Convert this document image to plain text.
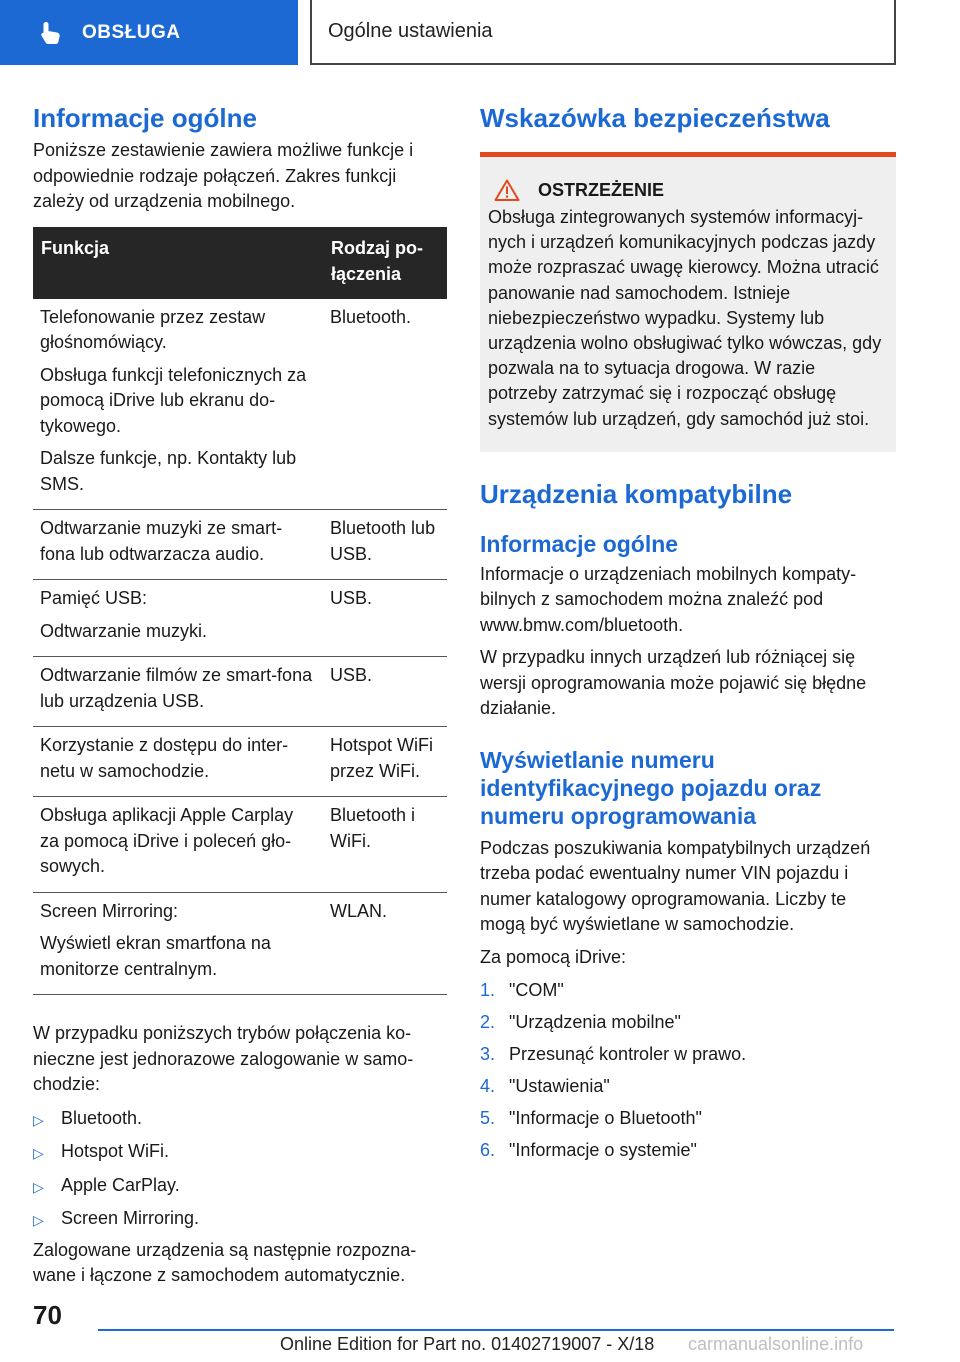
OBSŁUGA	Ogólne ustawienia
Informacje ogólne

Poniższe zestawienie zawiera możliwe funkcje i odpowiednie rodzaje połączeń. Zakres funkcji zależy od urządzenia mobilnego.

Funkcja	Rodzaj po-łączenia

Telefonowanie przez zestaw głośnomówiący.

Obsługa funkcji telefonicznych za pomocą iDrive lub ekranu do-tykowego.

Dalsze funkcje, np. Kontakty lub SMS.	Bluetooth.

Odtwarzanie muzyki ze smart-fona lub odtwarzacza audio.	Bluetooth lub USB.

Pamięć USB:

Odtwarzanie muzyki.	USB.

Odtwarzanie filmów ze smart-fona lub urządzenia USB.	USB.

Korzystanie z dostępu do inter-netu w samochodzie.	Hotspot WiFi przez WiFi.

Obsługa aplikacji Apple Carplay za pomocą iDrive i poleceń gło-sowych.	Bluetooth i WiFi.

Screen Mirroring:

Wyświetl ekran smartfona na monitorze centralnym.	WLAN.

W przypadku poniższych trybów połączenia ko-nieczne jest jednorazowe zalogowanie w samo-chodzie:

▷ Bluetooth.
▷ Hotspot WiFi.
▷ Apple CarPlay.
▷ Screen Mirroring.

Zalogowane urządzenia są następnie rozpozna-wane i łączone z samochodem automatycznie.

Wskazówka bezpieczeństwa
OSTRZEŻENIE

Obsługa zintegrowanych systemów informacyj-nych i urządzeń komunikacyjnych podczas jazdy może rozpraszać uwagę kierowcy. Można utracić panowanie nad samochodem. Istnieje niebezpieczeństwo wypadku. Systemy lub urządzenia wolno obsługiwać tylko wówczas, gdy pozwala na to sytuacja drogowa. W razie potrzeby zatrzymać się i rozpocząć obsługę systemów lub urządzeń, gdy samochód już stoi.

Urządzenia kompatybilne
Informacje ogólne

Informacje o urządzeniach mobilnych kompaty-bilnych z samochodem można znaleźć pod www.bmw.com/bluetooth.

W przypadku innych urządzeń lub różniącej się wersji oprogramowania może pojawić się błędne działanie.

Wyświetlanie numeru identyfikacyjnego pojazdu oraz numeru oprogramowania

Podczas poszukiwania kompatybilnych urządzeń trzeba podać ewentualny numer VIN pojazdu i numer katalogowy oprogramowania. Liczby te mogą być wyświetlane w samochodzie.

Za pomocą iDrive:

1. "COM"
2. "Urządzenia mobilne"
3. Przesunąć kontroler w prawo.
4. "Ustawienia"
5. "Informacje o Bluetooth"
6. "Informacje o systemie"
70
Online Edition for Part no. 01402719007 - X/18 carmanualsonline.info
